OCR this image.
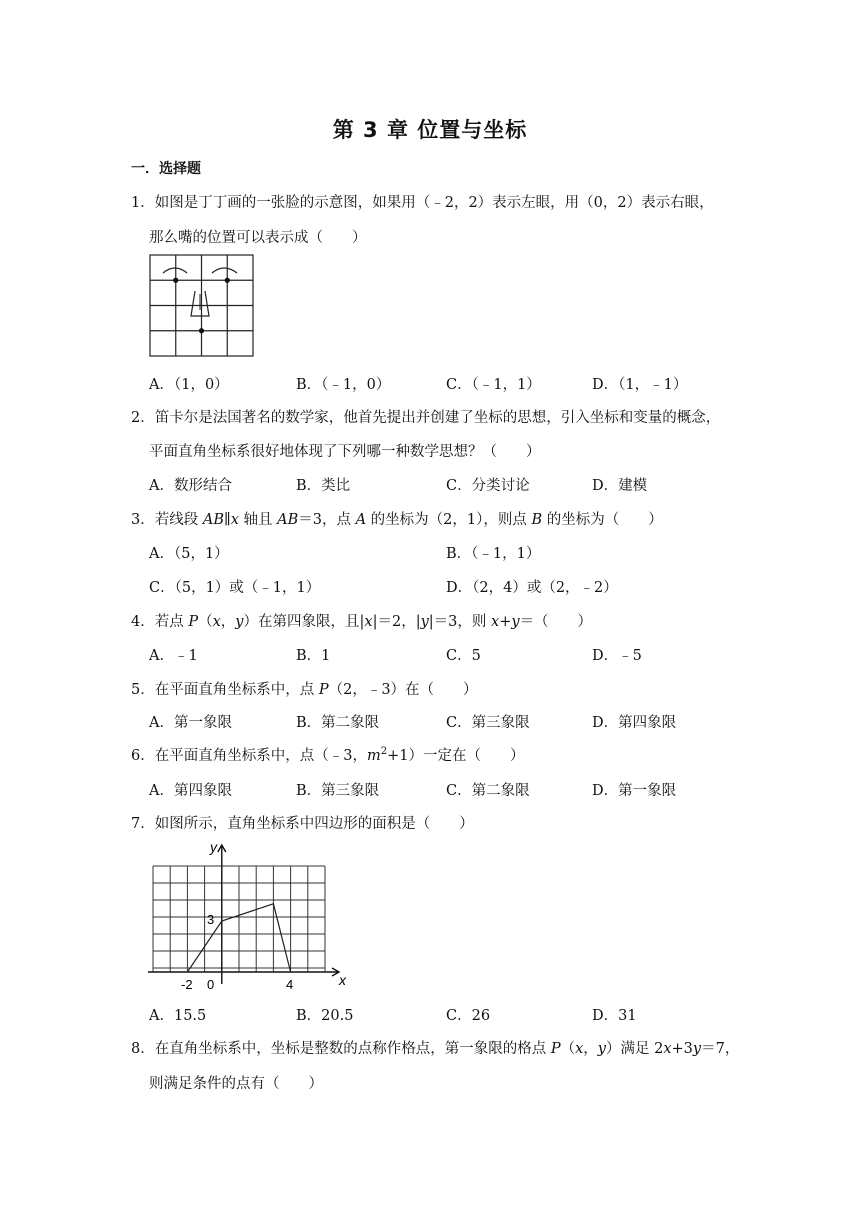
第 3 章 位置与坐标
一．选择题
1．如图是丁丁画的一张脸的示意图，如果用（﹣2，2）表示左眼，用（0，2）表示右眼，
那么嘴的位置可以表示成（　　）
A．（1，0）	B．（﹣1，0）	C．（﹣1，1）	D．（1，﹣1）
2．笛卡尔是法国著名的数学家，他首先提出并创建了坐标的思想，引入坐标和变量的概念，
平面直角坐标系很好地体现了下列哪一种数学思想？（　　）
A．数形结合	B．类比	C．分类讨论	D．建模
3．若线段 AB∥x 轴且 AB＝3，点 A 的坐标为（2，1），则点 B 的坐标为（　　）
A．（5，1）	B．（﹣1，1）
C．（5，1）或（﹣1，1）	D．（2，4）或（2，﹣2）
4．若点 P（x，y）在第四象限，且|x|＝2，|y|＝3，则 x+y＝（　　）
A．﹣1	B．1	C．5	D．﹣5
5．在平面直角坐标系中，点 P（2，﹣3）在（　　）
A．第一象限	B．第二象限	C．第三象限	D．第四象限
6．在平面直角坐标系中，点（﹣3，$m^2+1$）一定在（　　）
A．第四象限	B．第三象限	C．第二象限	D．第一象限
7．如图所示，直角坐标系中四边形的面积是（　　）
y
x
3
-2 0	4
A．15.5	B．20.5	C．26	D．31
8．在直角坐标系中，坐标是整数的点称作格点，第一象限的格点 P（x，y）满足 2x+3y＝7，
则满足条件的点有（　　）
